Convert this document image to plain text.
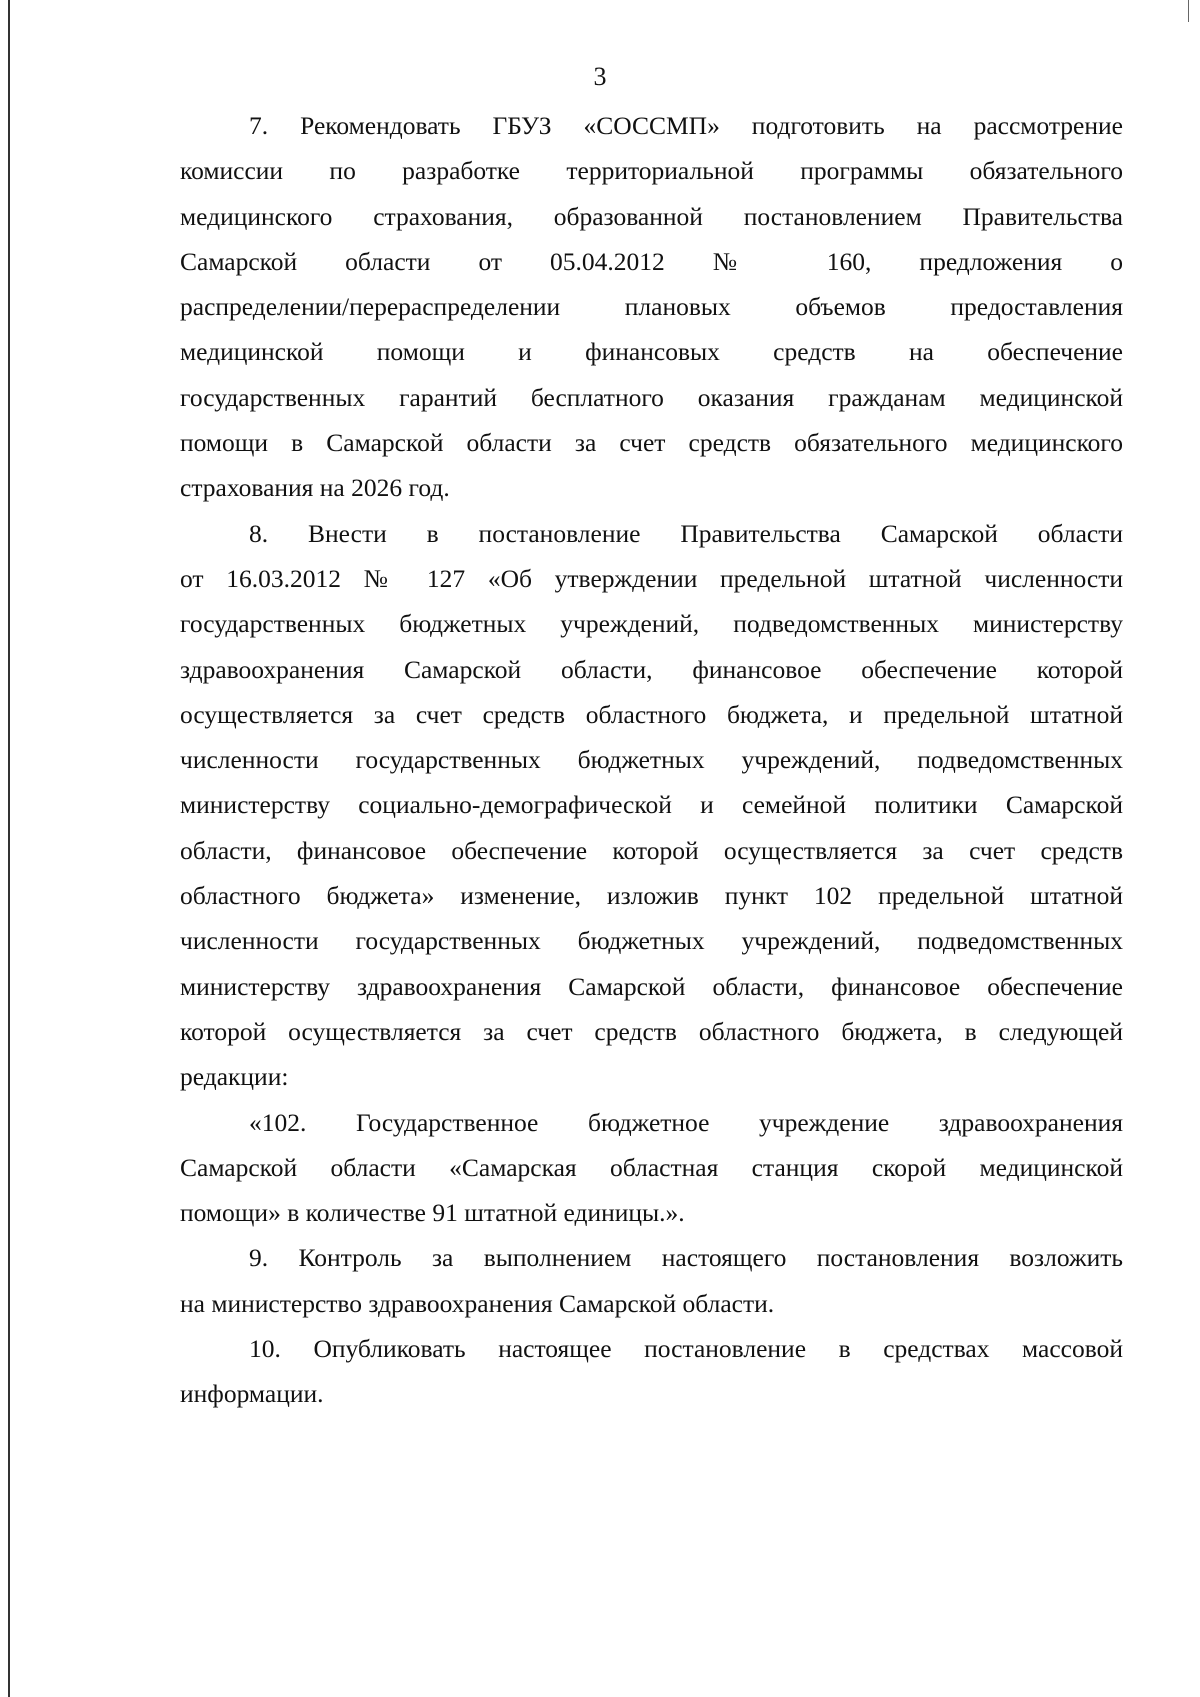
3
7. Рекомендовать ГБУЗ «СОССМП» подготовить на рассмотрение
комиссии по разработке территориальной программы обязательного
медицинского страхования, образованной постановлением Правительства
Самарской области от 05.04.2012 № 160, предложения о
распределении/перераспределении плановых объемов предоставления
медицинской помощи и финансовых средств на обеспечение
государственных гарантий бесплатного оказания гражданам медицинской
помощи в Самарской области за счет средств обязательного медицинского
страхования на 2026 год.
8. Внести в постановление Правительства Самарской области
от 16.03.2012 № 127 «Об утверждении предельной штатной численности
государственных бюджетных учреждений, подведомственных министерству
здравоохранения Самарской области, финансовое обеспечение которой
осуществляется за счет средств областного бюджета, и предельной штатной
численности государственных бюджетных учреждений, подведомственных
министерству социально-демографической и семейной политики Самарской
области, финансовое обеспечение которой осуществляется за счет средств
областного бюджета» изменение, изложив пункт 102 предельной штатной
численности государственных бюджетных учреждений, подведомственных
министерству здравоохранения Самарской области, финансовое обеспечение
которой осуществляется за счет средств областного бюджета, в следующей
редакции:
«102. Государственное бюджетное учреждение здравоохранения
Самарской области «Самарская областная станция скорой медицинской
помощи» в количестве 91 штатной единицы.».
9. Контроль за выполнением настоящего постановления возложить
на министерство здравоохранения Самарской области.
10. Опубликовать настоящее постановление в средствах массовой
информации.
